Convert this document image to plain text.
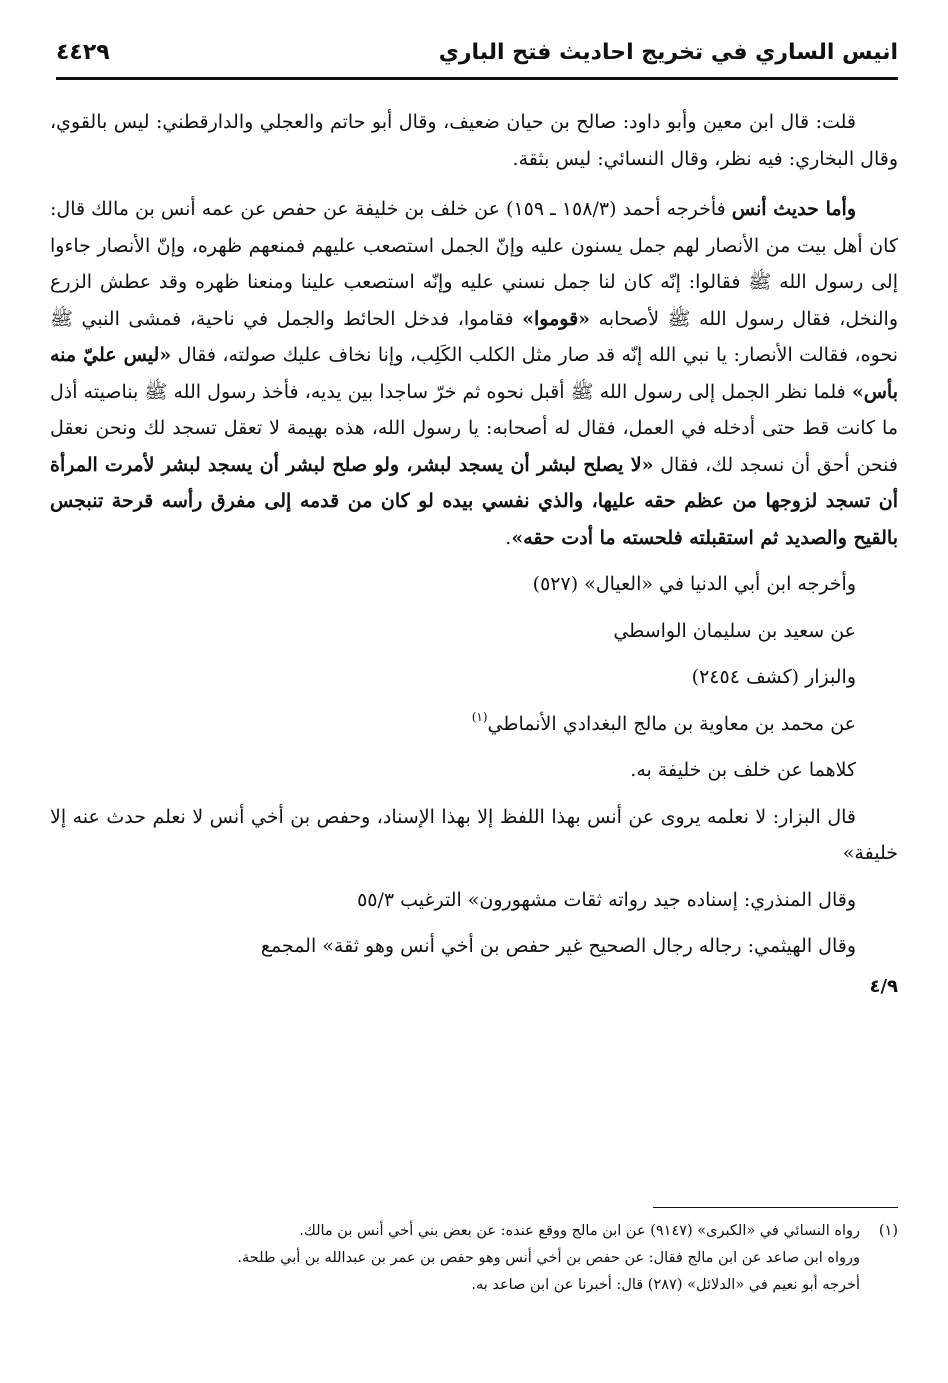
انيس الساري في تخريج احاديث فتح الباري
٤٤٢٩

قلت: قال ابن معين وأبو داود: صالح بن حيان ضعيف، وقال أبو حاتم والعجلي والدارقطني: ليس بالقوي، وقال البخاري: فيه نظر، وقال النسائي: ليس بثقة.

وأما حديث أنس فأخرجه أحمد (١٥٨/٣ ـ ١٥٩) عن خلف بن خليفة عن حفص عن عمه أنس بن مالك قال: كان أهل بيت من الأنصار لهم جمل يسنون عليه وإنّ الجمل استصعب عليهم فمنعهم ظهره، وإنّ الأنصار جاءوا إلى رسول الله ﷺ فقالوا: إنّه كان لنا جمل نسني عليه وإنّه استصعب علينا ومنعنا ظهره وقد عطش الزرع والنخل، فقال رسول الله ﷺ لأصحابه «قوموا» فقاموا، فدخل الحائط والجمل في ناحية، فمشى النبي ﷺ نحوه، فقالت الأنصار: يا نبي الله إنّه قد صار مثل الكلب الكَلِب، وإنا نخاف عليك صولته، فقال «ليس عليّ منه بأس» فلما نظر الجمل إلى رسول الله ﷺ أقبل نحوه ثم خرّ ساجدا بين يديه، فأخذ رسول الله ﷺ بناصيته أذل ما كانت قط حتى أدخله في العمل، فقال له أصحابه: يا رسول الله، هذه بهيمة لا تعقل تسجد لك ونحن نعقل فنحن أحق أن نسجد لك، فقال «لا يصلح لبشر أن يسجد لبشر، ولو صلح لبشر أن يسجد لبشر لأمرت المرأة أن تسجد لزوجها من عظم حقه عليها، والذي نفسي بيده لو كان من قدمه إلى مفرق رأسه قرحة تنبجس بالقيح والصديد ثم استقبلته فلحسته ما أدت حقه».

وأخرجه ابن أبي الدنيا في «العيال» (٥٢٧)

عن سعيد بن سليمان الواسطي

والبزار (كشف ٢٤٥٤)

عن محمد بن معاوية بن مالج البغدادي الأنماطي$^{(١)}$

كلاهما عن خلف بن خليفة به.

قال البزار: لا نعلمه يروى عن أنس بهذا اللفظ إلا بهذا الإسناد، وحفص بن أخي أنس لا نعلم حدث عنه إلا خليفة»

وقال المنذري: إسناده جيد رواته ثقات مشهورون» الترغيب ٥٥/٣

وقال الهيثمي: رجاله رجال الصحيح غير حفص بن أخي أنس وهو ثقة» المجمع

٤/٩

(١)رواه النسائي في «الكبرى» (٩١٤٧) عن ابن مالج ووقع عنده: عن بعض بني أخي أنس بن مالك.

ورواه ابن صاعد عن ابن مالج فقال: عن حفص بن أخي أنس وهو حفص بن عمر بن عبدالله بن أبي طلحة.

أخرجه أبو نعيم في «الدلائل» (٢٨٧) قال: أخبرنا عن ابن صاعد به.
